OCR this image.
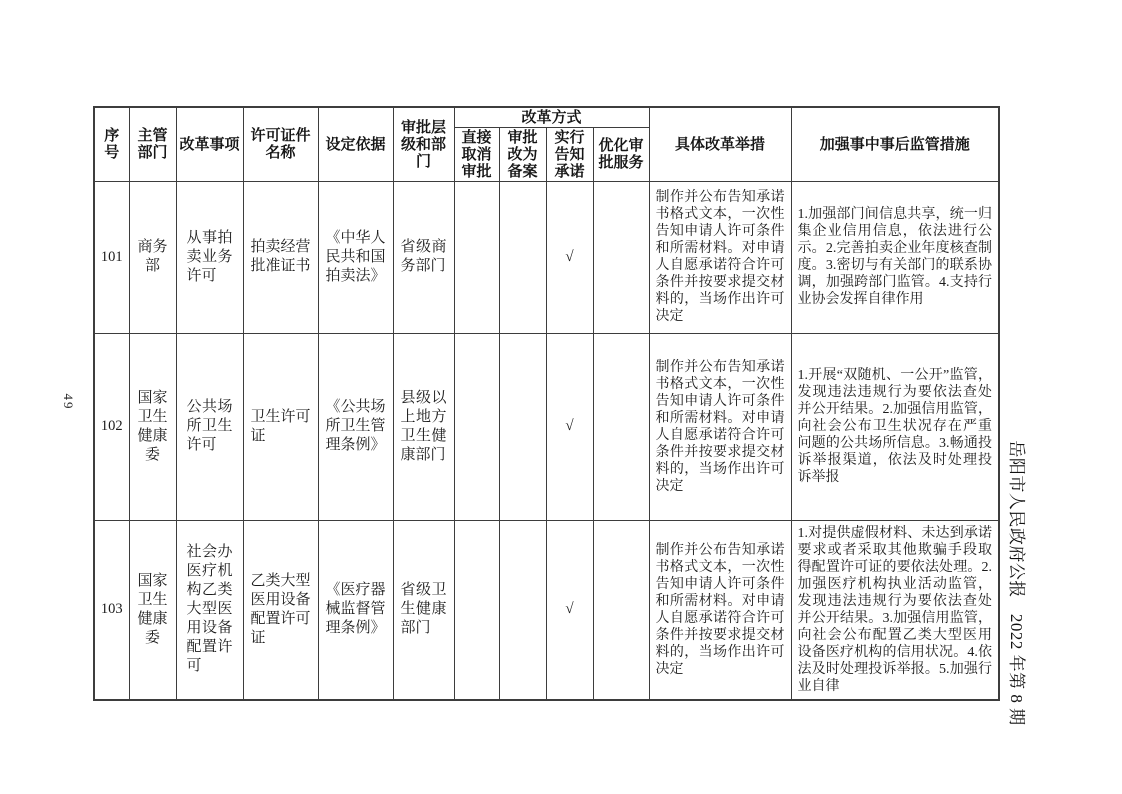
49
岳阳市人民政府公报
2022 年第 8 期
序号	主管部门	改革事项	许可证件名称	设定依据	审批层级和部门	改革方式				具体改革举措	加强事中事后监管措施
						直接取消审批	审批改为备案	实行告知承诺	优化审批服务		
101	商务部	从事拍卖业务许可	拍卖经营批准证书	《中华人民共和国拍卖法》	省级商务部门			√		制作并公布告知承诺书格式文本，一次性告知申请人许可条件和所需材料。对申请人自愿承诺符合许可条件并按要求提交材料的，当场作出许可决定	1.加强部门间信息共享，统一归集企业信用信息，依法进行公示。2.完善拍卖企业年度核查制度。3.密切与有关部门的联系协调，加强跨部门监管。4.支持行业协会发挥自律作用
102	国家卫生健康委	公共场所卫生许可	卫生许可证	《公共场所卫生管理条例》	县级以上地方卫生健康部门			√		制作并公布告知承诺书格式文本，一次性告知申请人许可条件和所需材料。对申请人自愿承诺符合许可条件并按要求提交材料的，当场作出许可决定	1.开展“双随机、一公开”监管，发现违法违规行为要依法查处并公开结果。2.加强信用监管，向社会公布卫生状况存在严重问题的公共场所信息。3.畅通投诉举报渠道，依法及时处理投诉举报
103	国家卫生健康委	社会办医疗机构乙类大型医用设备配置许可	乙类大型医用设备配置许可证	《医疗器械监督管理条例》	省级卫生健康部门			√		制作并公布告知承诺书格式文本，一次性告知申请人许可条件和所需材料。对申请人自愿承诺符合许可条件并按要求提交材料的，当场作出许可决定	1.对提供虚假材料、未达到承诺要求或者采取其他欺骗手段取得配置许可证的要依法处理。2.加强医疗机构执业活动监管，发现违法违规行为要依法查处并公开结果。3.加强信用监管，向社会公布配置乙类大型医用设备医疗机构的信用状况。4.依法及时处理投诉举报。5.加强行业自律
